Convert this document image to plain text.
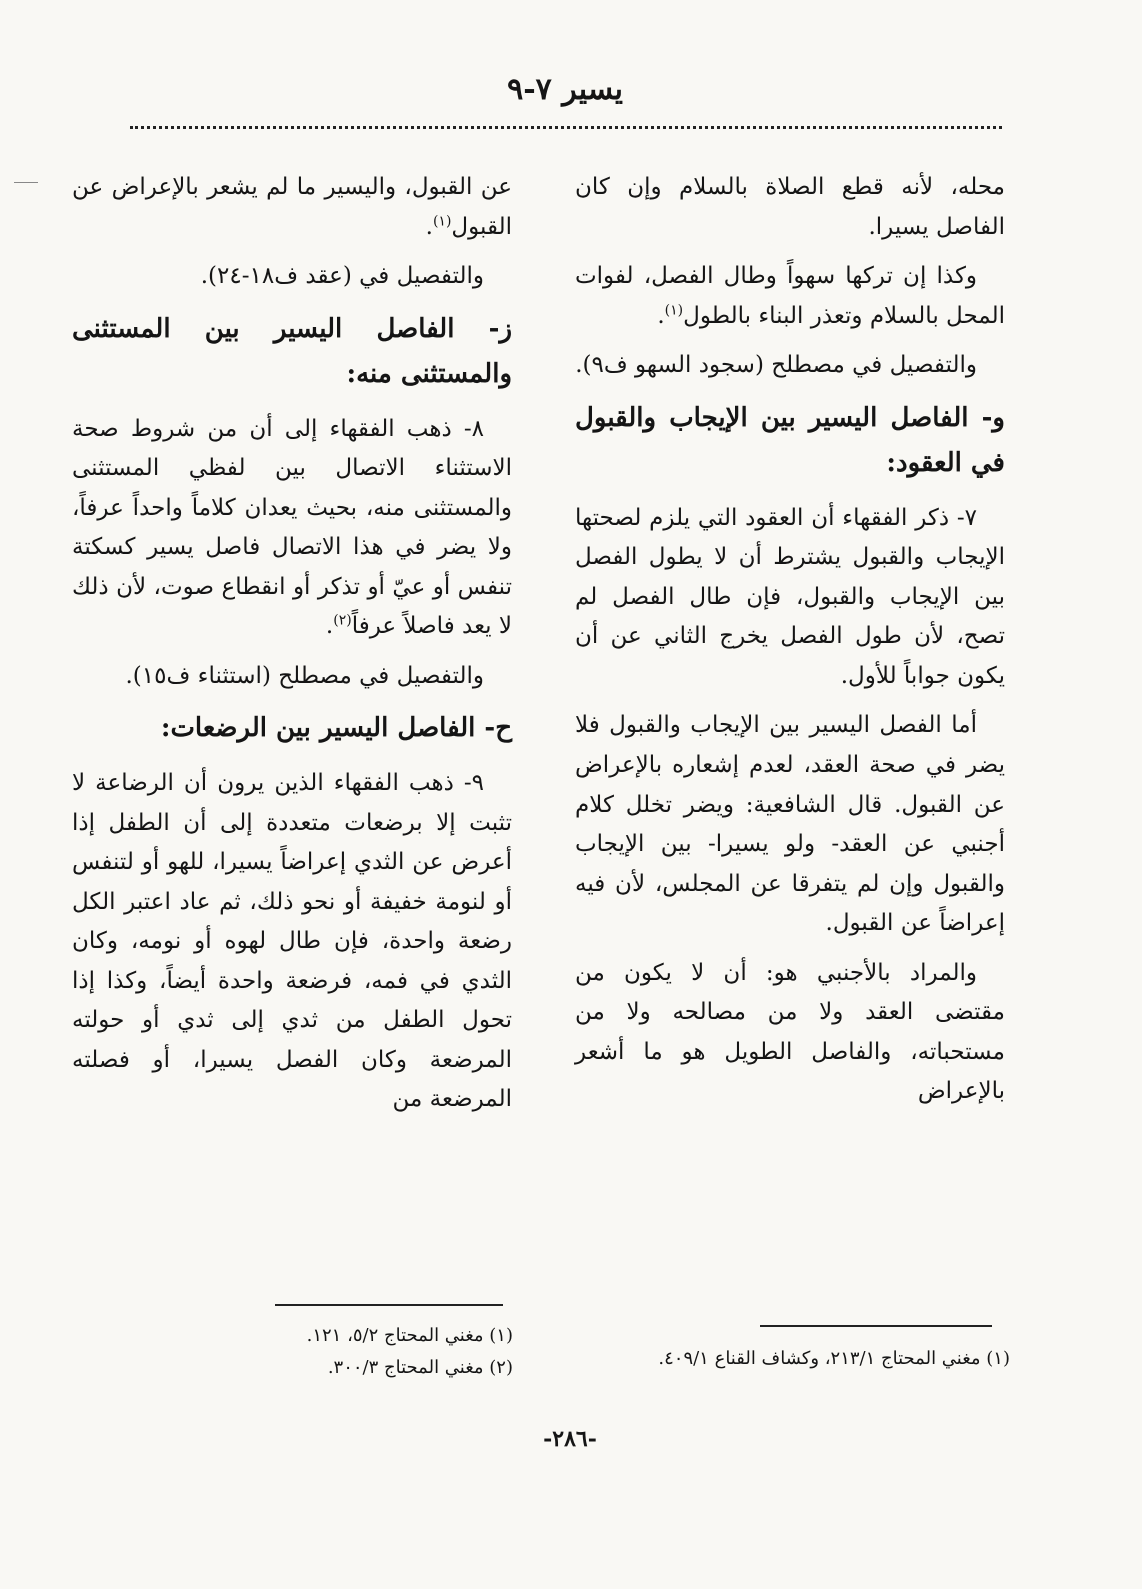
يسير ٧-٩

محله، لأنه قطع الصلاة بالسلام وإن كان الفاصل يسيرا.

وكذا إن تركها سهواً وطال الفصل، لفوات المحل بالسلام وتعذر البناء بالطول$^{(١)}$.

والتفصيل في مصطلح (سجود السهو ف٩).

و- الفاصل اليسير بين الإيجاب والقبول في العقود:

٧- ذكر الفقهاء أن العقود التي يلزم لصحتها الإيجاب والقبول يشترط أن لا يطول الفصل بين الإيجاب والقبول، فإن طال الفصل لم تصح، لأن طول الفصل يخرج الثاني عن أن يكون جواباً للأول.

أما الفصل اليسير بين الإيجاب والقبول فلا يضر في صحة العقد، لعدم إشعاره بالإعراض عن القبول. قال الشافعية: ويضر تخلل كلام أجنبي عن العقد- ولو يسيرا- بين الإيجاب والقبول وإن لم يتفرقا عن المجلس، لأن فيه إعراضاً عن القبول.

والمراد بالأجنبي هو: أن لا يكون من مقتضى العقد ولا من مصالحه ولا من مستحباته، والفاصل الطويل هو ما أشعر بالإعراض

عن القبول، واليسير ما لم يشعر بالإعراض عن القبول$^{(١)}$.

والتفصيل في (عقد ف١٨-٢٤).

ز- الفاصل اليسير بين المستثنى والمستثنى منه:

٨- ذهب الفقهاء إلى أن من شروط صحة الاستثناء الاتصال بين لفظي المستثنى والمستثنى منه، بحيث يعدان كلاماً واحداً عرفاً، ولا يضر في هذا الاتصال فاصل يسير كسكتة تنفس أو عيّ أو تذكر أو انقطاع صوت، لأن ذلك لا يعد فاصلاً عرفاً$^{(٢)}$.

والتفصيل في مصطلح (استثناء ف١٥).

ح- الفاصل اليسير بين الرضعات:

٩- ذهب الفقهاء الذين يرون أن الرضاعة لا تثبت إلا برضعات متعددة إلى أن الطفل إذا أعرض عن الثدي إعراضاً يسيرا، للهو أو لتنفس أو لنومة خفيفة أو نحو ذلك، ثم عاد اعتبر الكل رضعة واحدة، فإن طال لهوه أو نومه، وكان الثدي في فمه، فرضعة واحدة أيضاً، وكذا إذا تحول الطفل من ثدي إلى ثدي أو حولته المرضعة وكان الفصل يسيرا، أو فصلته المرضعة من

(١) مغني المحتاج ٢١٣/١، وكشاف القناع ٤٠٩/١.
(١) مغني المحتاج ٥/٢، ١٢١.
(٢) مغني المحتاج ٣٠٠/٣.
-٢٨٦-
